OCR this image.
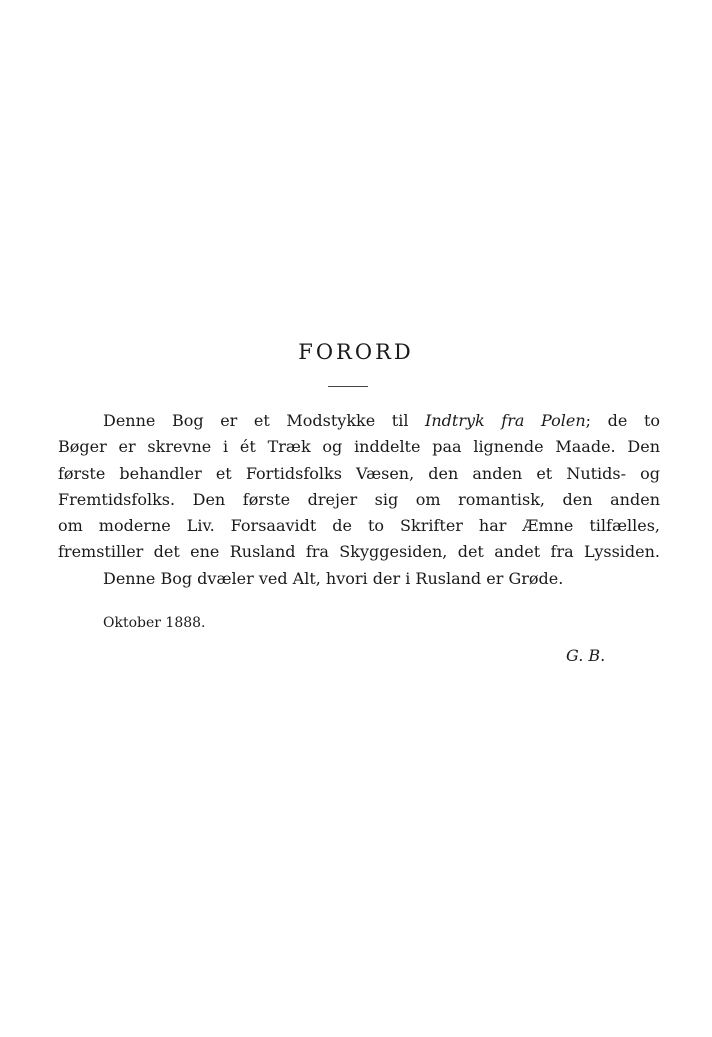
FORORD
Denne Bog er et Modstykke til Indtryk fra Polen; de to
Bøger er skrevne i ét Træk og inddelte paa lignende Maade. Den
første behandler et Fortidsfolks Væsen, den anden et Nutids- og
Fremtidsfolks. Den første drejer sig om romantisk, den anden
om moderne Liv. Forsaavidt de to Skrifter har Æmne tilfælles,
fremstiller det ene Rusland fra Skyggesiden, det andet fra Lyssiden.
Denne Bog dvæler ved Alt, hvori der i Rusland er Grøde.
Oktober 1888.
G. B.
